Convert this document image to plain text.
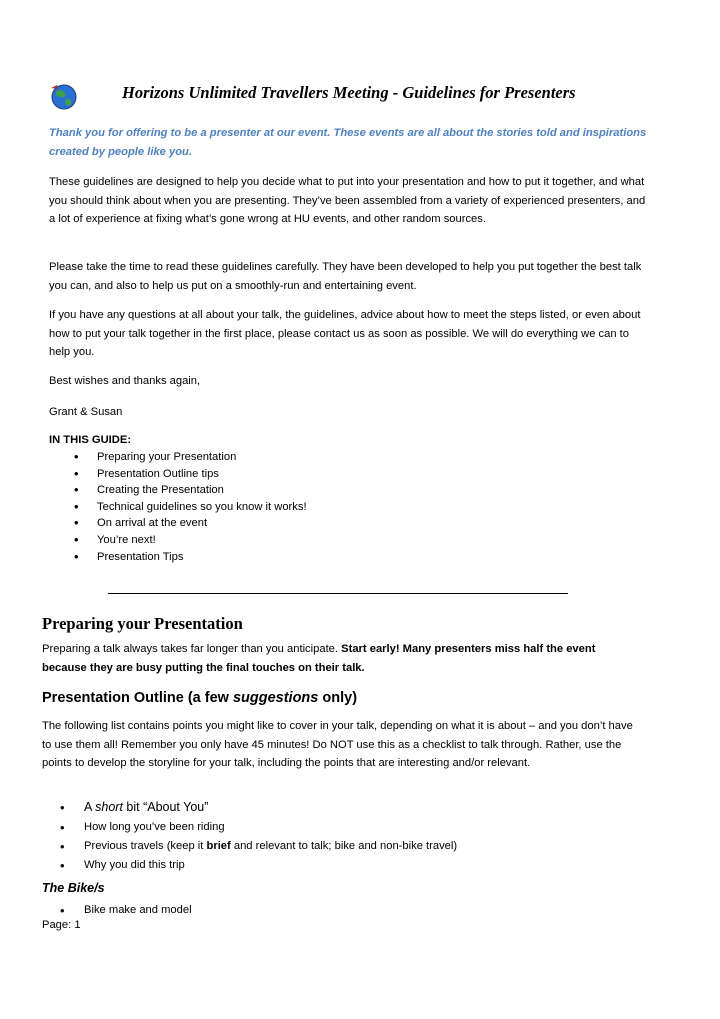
Horizons Unlimited Travellers Meeting - Guidelines for Presenters
Thank you for offering to be a presenter at our event. These events are all about the stories told and inspirations created by people like you.
These guidelines are designed to help you decide what to put into your presentation and how to put it together, and what you should think about when you are presenting. They’ve been assembled from a variety of experienced presenters, and a lot of experience at fixing what’s gone wrong at HU events, and other random sources.
Please take the time to read these guidelines carefully. They have been developed to help you put together the best talk you can, and also to help us put on a smoothly-run and entertaining event.
If you have any questions at all about your talk, the guidelines, advice about how to meet the steps listed, or even about how to put your talk together in the first place, please contact us as soon as possible. We will do everything we can to help you.
Best wishes and thanks again,
Grant & Susan
IN THIS GUIDE:
• Preparing your Presentation
• Presentation Outline tips
• Creating the Presentation
• Technical guidelines so you know it works!
• On arrival at the event
• You’re next!
• Presentation Tips
Preparing your Presentation
Preparing a talk always takes far longer than you anticipate. Start early! Many presenters miss half the event because they are busy putting the final touches on their talk.
Presentation Outline (a few suggestions only)
The following list contains points you might like to cover in your talk, depending on what it is about – and you don’t have to use them all! Remember you only have 45 minutes! Do NOT use this as a checklist to talk through. Rather, use the points to develop the storyline for your talk, including the points that are interesting and/or relevant.
• A short bit “About You”
• How long you’ve been riding
• Previous travels (keep it brief and relevant to talk; bike and non-bike travel)
• Why you did this trip
The Bike/s
• Bike make and model
Page: 1
